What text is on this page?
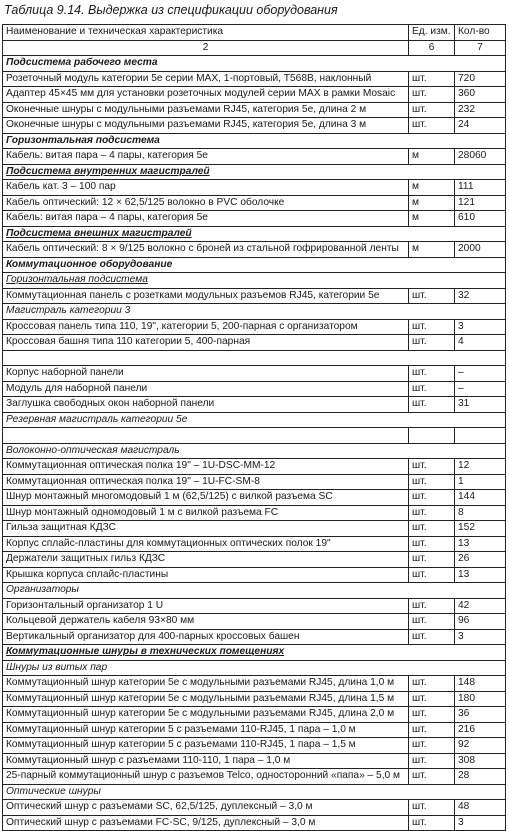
Таблица 9.14. Выдержка из спецификации оборудования
Наименование и техническая характеристика	Ед. изм.	Кол-во
2	6	7
Подсистема рабочего места		
Розеточный модуль категории 5е серии MAX, 1-портовый, T568B, наклонный	шт.	720
Адаптер 45×45 мм для установки розеточных модулей серии MAX в рамки Mosaic	шт.	360
Оконечные шнуры с модульными разъемами RJ45, категория 5е, длина 2 м	шт.	232
Оконечные шнуры с модульными разъемами RJ45, категория 5е, длина 3 м	шт.	24
Горизонтальная подсистема		
Кабель: витая пара – 4 пары, категория 5е	м	28060
Подсистема внутренних магистралей		
Кабель кат. 3 – 100 пар	м	111
Кабель оптический: 12 × 62,5/125 волокно в PVC оболочке	м	121
Кабель: витая пара – 4 пары, категория 5е	м	610
Подсистема внешних магистралей		
Кабель оптический: 8 × 9/125 волокно с броней из стальной гофрированной ленты	м	2000
Коммутационное оборудование		
Горизонтальная подсистема		
Коммутационная панель с розетками модульных разъемов RJ45, категории 5е	шт.	32
Магистраль категории 3		
Кроссовая панель типа 110, 19", категории 5, 200-парная с организатором	шт.	3
Кроссовая башня типа 110 категории 5, 400-парная	шт.	4

Корпус наборной панели	шт.	–
Модуль для наборной панели	шт.	–
Заглушка свободных окон наборной панели	шт.	31
Резервная магистраль категории 5е		

Волоконно-оптическая магистраль		
Коммутационная оптическая полка 19" – 1U-DSC-MM-12	шт.	12
Коммутационная оптическая полка 19" – 1U-FC-SM-8	шт.	1
Шнур монтажный многомодовый 1 м (62,5/125) с вилкой разъема SC	шт.	144
Шнур монтажный одномодовый 1 м с вилкой разъема FC	шт.	8
Гильза защитная КДЗС	шт.	152
Корпус сплайс-пластины для коммутационных оптических полок 19"	шт.	13
Держатели защитных гильз КДЗС	шт.	26
Крышка корпуса сплайс-пластины	шт.	13
Организаторы		
Горизонтальный организатор 1 U	шт.	42
Кольцевой держатель кабеля 93×80 мм	шт.	96
Вертикальный организатор для 400-парных кроссовых башен	шт.	3
Коммутационные шнуры в технических помещениях		
Шнуры из витых пар		
Коммутационный шнур категории 5е с модульными разъемами RJ45, длина 1,0 м	шт.	148
Коммутационный шнур категории 5е с модульными разъемами RJ45, длина 1,5 м	шт.	180
Коммутационный шнур категории 5е с модульными разъемами RJ45, длина 2,0 м	шт.	36
Коммутационный шнур категории 5 с разъемами 110-RJ45, 1 пара – 1,0 м	шт.	216
Коммутационный шнур категории 5 с разъемами 110-RJ45, 1 пара – 1,5 м	шт.	92
Коммутационный шнур с разъемами 110-110, 1 пара – 1,0 м	шт.	308
25-парный коммутационный шнур с разъемов Telco, односторонний «папа» – 5,0 м	шт.	28
Оптические шнуры		
Оптический шнур с разъемами SC, 62,5/125, дуплексный – 3,0 м	шт.	48
Оптический шнур с разъемами FC-SC, 9/125, дуплексный – 3,0 м	шт.	3
